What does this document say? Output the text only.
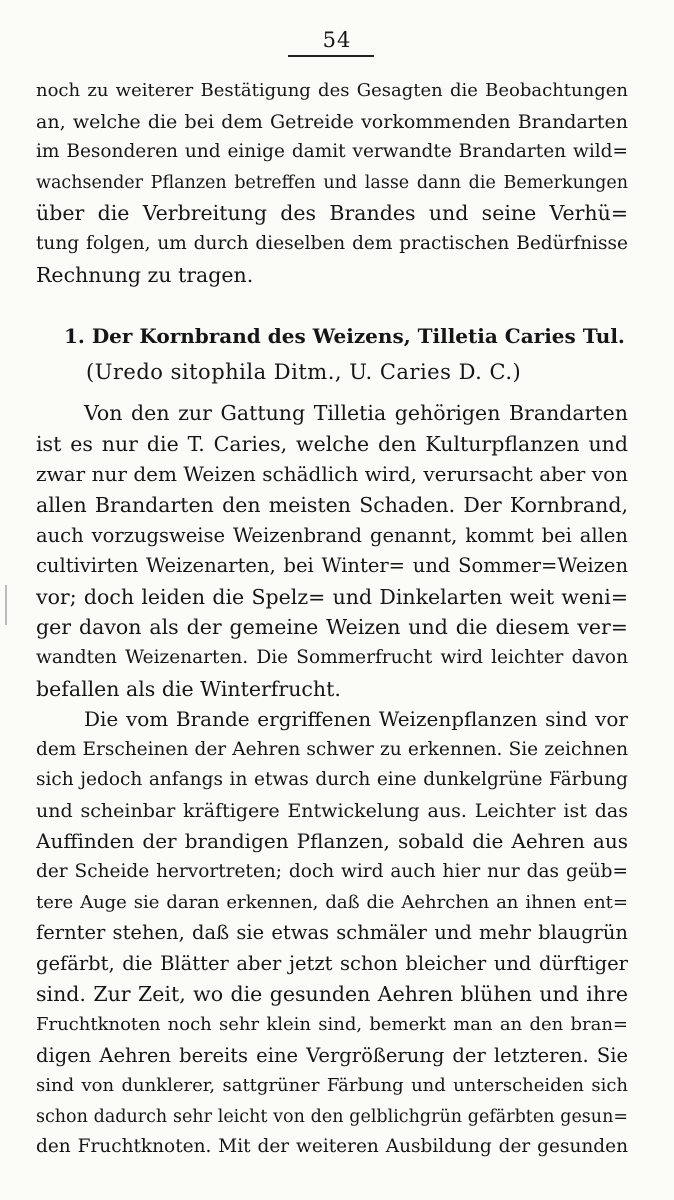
54
noch zu weiterer Bestätigung des Gesagten die Beobachtungen
an, welche die bei dem Getreide vorkommenden Brandarten
im Besonderen und einige damit verwandte Brandarten wild=
wachsender Pflanzen betreffen und lasse dann die Bemerkungen
über die Verbreitung des Brandes und seine Verhü=
tung folgen, um durch dieselben dem practischen Bedürfnisse
Rechnung zu tragen.
1. Der Kornbrand des Weizens, Tilletia Caries Tul.
(Uredo sitophila Ditm., U. Caries D. C.)
Von den zur Gattung Tilletia gehörigen Brandarten
ist es nur die T. Caries, welche den Kulturpflanzen und
zwar nur dem Weizen schädlich wird, verursacht aber von
allen Brandarten den meisten Schaden. Der Kornbrand,
auch vorzugsweise Weizenbrand genannt, kommt bei allen
cultivirten Weizenarten, bei Winter= und Sommer=Weizen
vor; doch leiden die Spelz= und Dinkelarten weit weni=
ger davon als der gemeine Weizen und die diesem ver=
wandten Weizenarten. Die Sommerfrucht wird leichter davon
befallen als die Winterfrucht.
Die vom Brande ergriffenen Weizenpflanzen sind vor
dem Erscheinen der Aehren schwer zu erkennen. Sie zeichnen
sich jedoch anfangs in etwas durch eine dunkelgrüne Färbung
und scheinbar kräftigere Entwickelung aus. Leichter ist das
Auffinden der brandigen Pflanzen, sobald die Aehren aus
der Scheide hervortreten; doch wird auch hier nur das geüb=
tere Auge sie daran erkennen, daß die Aehrchen an ihnen ent=
fernter stehen, daß sie etwas schmäler und mehr blaugrün
gefärbt, die Blätter aber jetzt schon bleicher und dürftiger
sind. Zur Zeit, wo die gesunden Aehren blühen und ihre
Fruchtknoten noch sehr klein sind, bemerkt man an den bran=
digen Aehren bereits eine Vergrößerung der letzteren. Sie
sind von dunklerer, sattgrüner Färbung und unterscheiden sich
schon dadurch sehr leicht von den gelblichgrün gefärbten gesun=
den Fruchtknoten. Mit der weiteren Ausbildung der gesunden
